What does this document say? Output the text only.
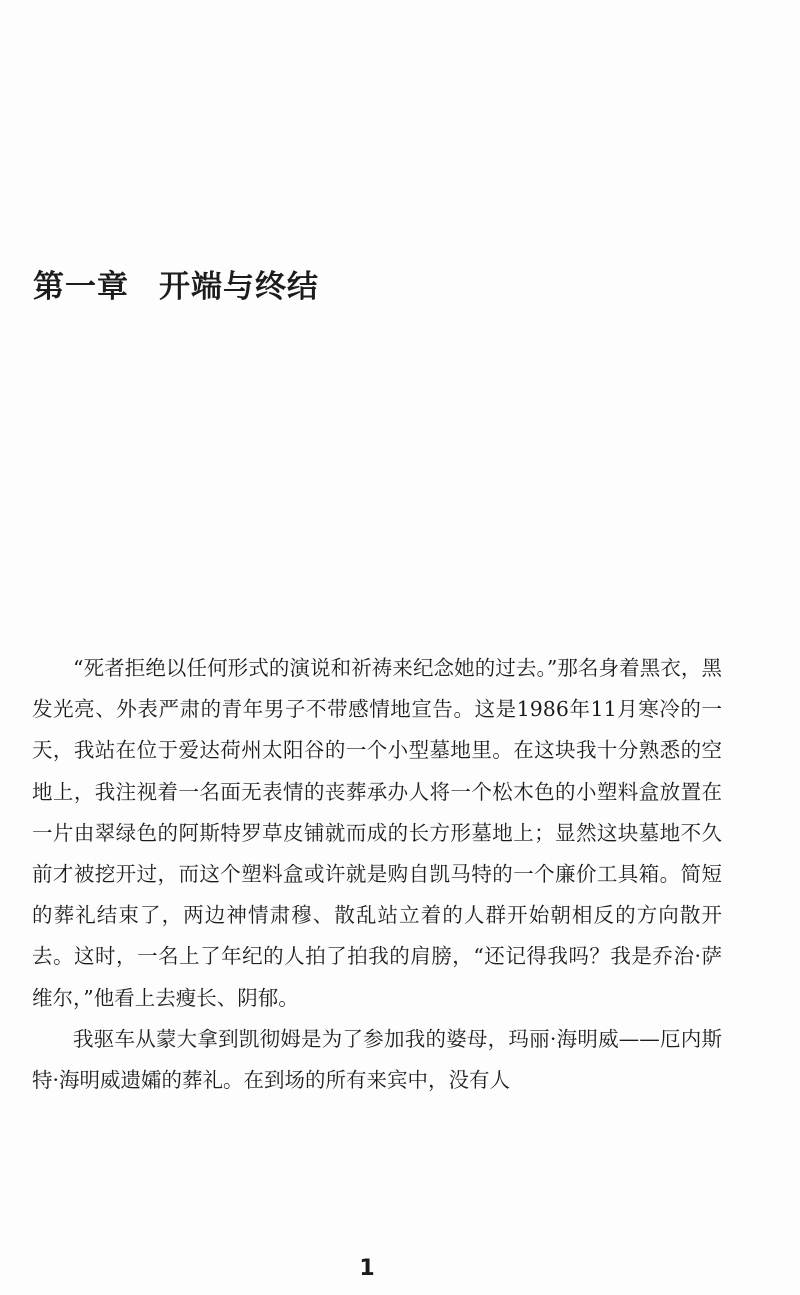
第一章 开端与终结

“死者拒绝以任何形式的演说和祈祷来纪念她的过去。”那名身着黑衣，黑发光亮、外表严肃的青年男子不带感情地宣告。这是1986年11月寒冷的一天，我站在位于爱达荷州太阳谷的一个小型墓地里。在这块我十分熟悉的空地上，我注视着一名面无表情的丧葬承办人将一个松木色的小塑料盒放置在一片由翠绿色的阿斯特罗草皮铺就而成的长方形墓地上；显然这块墓地不久前才被挖开过，而这个塑料盒或许就是购自凯马特的一个廉价工具箱。简短的葬礼结束了，两边神情肃穆、散乱站立着的人群开始朝相反的方向散开去。这时，一名上了年纪的人拍了拍我的肩膀，“还记得我吗？我是乔治·萨维尔，”他看上去瘦长、阴郁。

我驱车从蒙大拿到凯彻姆是为了参加我的婆母，玛丽·海明威——厄内斯特·海明威遗孀的葬礼。在到场的所有来宾中，没有人

1
